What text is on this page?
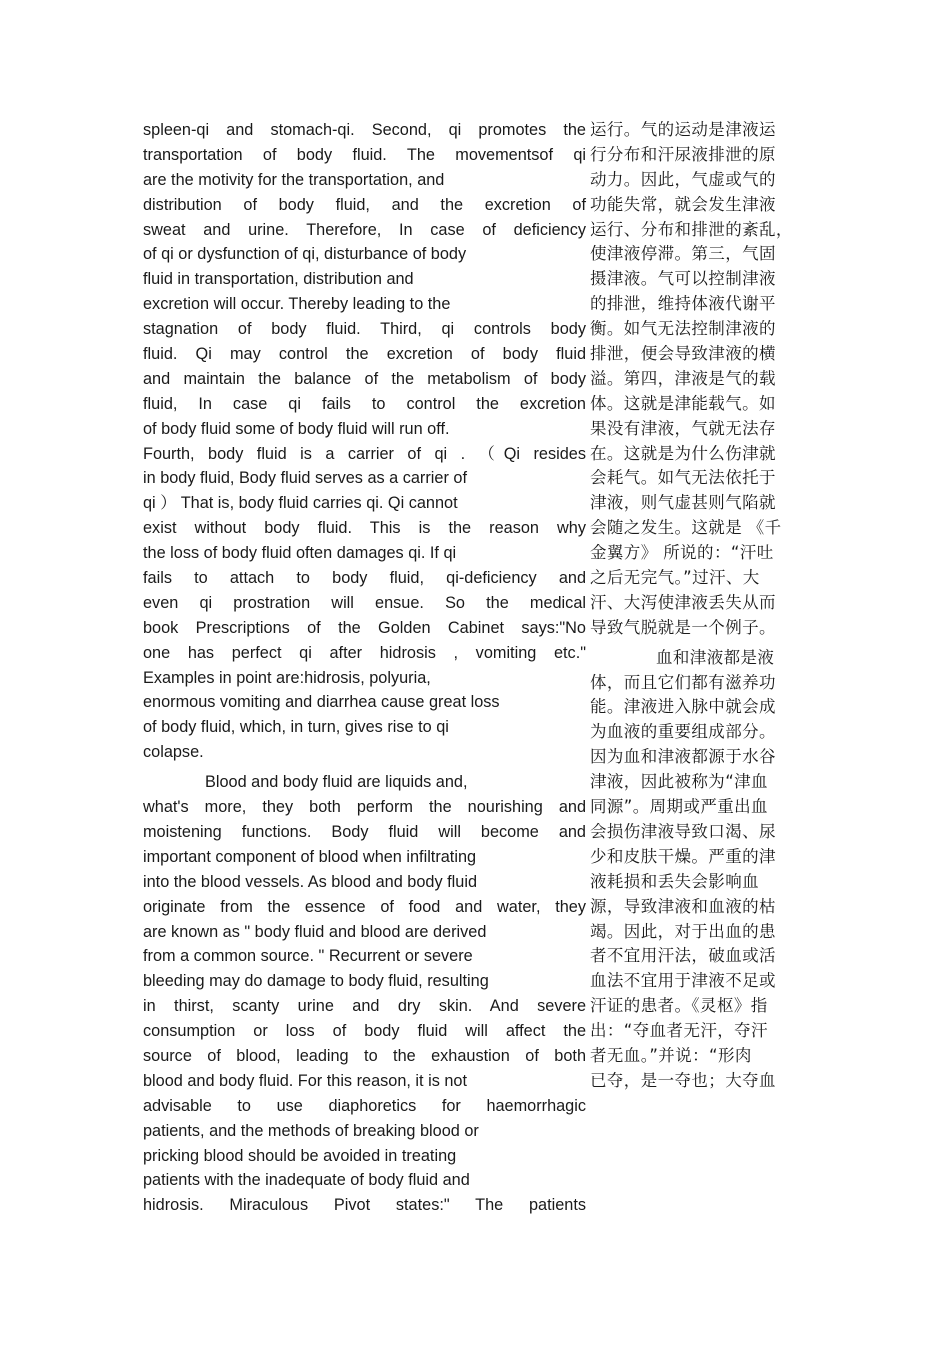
spleen-qi and stomach-qi. Second, qi promotes the
transportation of body fluid. The movementsof qi
are the motivity for the transportation, and
distribution of body fluid, and the excretion of
sweat and urine. Therefore, In case of deficiency
of qi or dysfunction of qi, disturbance of body
fluid in transportation, distribution and
excretion will occur. Thereby leading to the
stagnation of body fluid. Third, qi controls body
fluid. Qi may control the excretion of body fluid
and maintain the balance of the metabolism of body
fluid, In case qi fails to control the excretion
of body fluid some of body fluid will run off.
Fourth, body fluid is a carrier of qi . （Qi resides
in body fluid, Body fluid serves as a carrier of
qi ） That is, body fluid carries qi. Qi cannot
exist without body fluid. This is the reason why
the loss of body fluid often damages qi. If qi
fails to attach to body fluid, qi-deficiency and
even qi prostration will ensue. So the medical
book Prescriptions of the Golden Cabinet says:"No
one has perfect qi after hidrosis , vomiting etc."
Examples in point are:hidrosis, polyuria,
enormous vomiting and diarrhea cause great loss
of body fluid, which, in turn, gives rise to qi
colapse.
Blood and body fluid are liquids and,
what's more, they both perform the nourishing and
moistening functions. Body fluid will become and
important component of blood when infiltrating
into the blood vessels. As blood and body fluid
originate from the essence of food and water, they
are known as " body fluid and blood are derived
from a common source. " Recurrent or severe
bleeding may do damage to body fluid, resulting
in thirst, scanty urine and dry skin. And severe
consumption or loss of body fluid will affect the
source of blood, leading to the exhaustion of both
blood and body fluid. For this reason, it is not
advisable to use diaphoretics for haemorrhagic
patients, and the methods of breaking blood or
pricking blood should be avoided in treating
patients with the inadequate of body fluid and
hidrosis. Miraculous Pivot states:" The patients
运行。气的运动是津液运
行分布和汗尿液排泄的原
动力。因此，气虚或气的
功能失常，就会发生津液
运行、分布和排泄的紊乱，
使津液停滞。第三，气固
摄津液。气可以控制津液
的排泄，维持体液代谢平
衡。如气无法控制津液的
排泄，便会导致津液的横
溢。第四，津液是气的载
体。这就是津能载气。如
果没有津液，气就无法存
在。这就是为什么伤津就
会耗气。如气无法依托于
津液，则气虚甚则气陷就
会随之发生。这就是 《千
金翼方》 所说的：“汗吐
之后无完气。”过汗、大
汗、大泻使津液丢失从而
导致气脱就是一个例子。
血和津液都是液
体，而且它们都有滋养功
能。津液进入脉中就会成
为血液的重要组成部分。
因为血和津液都源于水谷
津液，因此被称为“津血
同源”。周期或严重出血
会损伤津液导致口渴、尿
少和皮肤干燥。严重的津
液耗损和丢失会影响血
源，导致津液和血液的枯
竭。因此，对于出血的患
者不宜用汗法，破血或活
血法不宜用于津液不足或
汗证的患者。《灵枢》指
出：“夺血者无汗，夺汗
者无血。”并说：“形肉
已夺，是一夺也；大夺血
